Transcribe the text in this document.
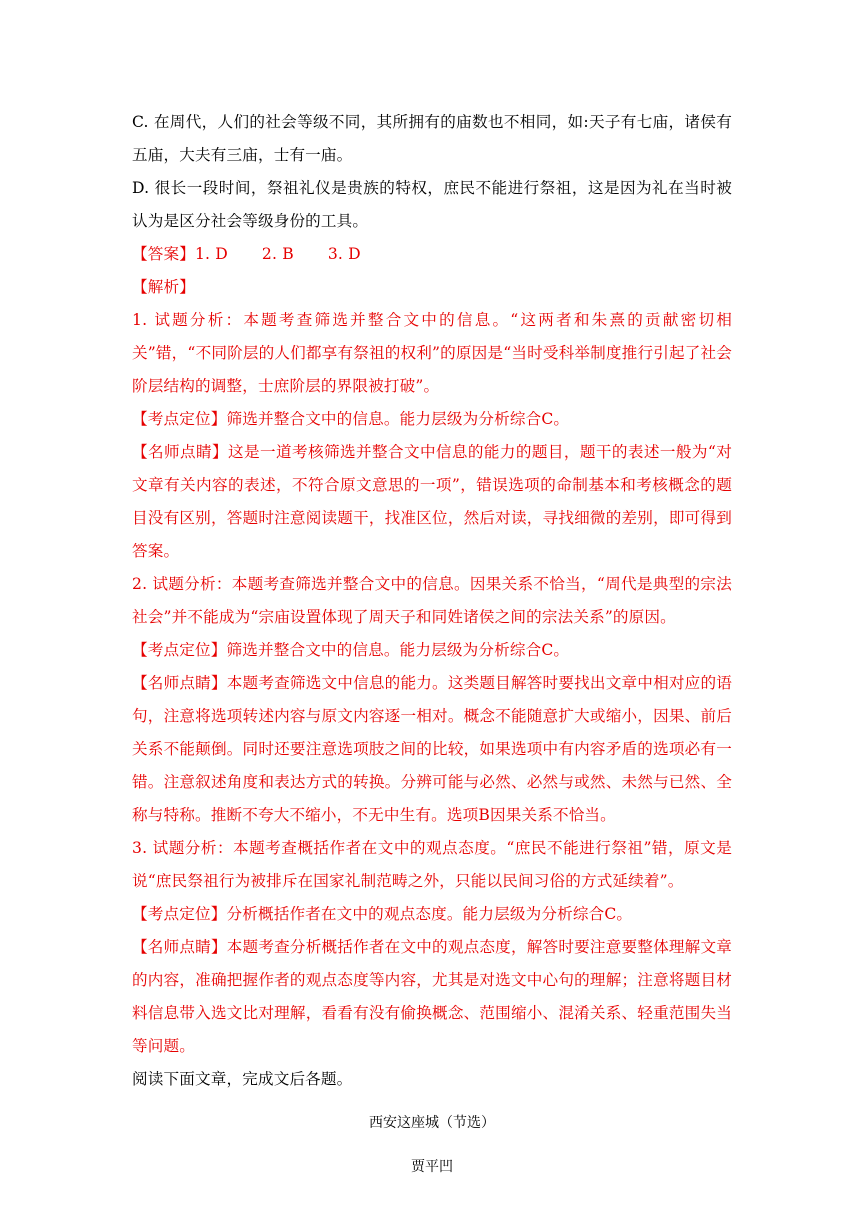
C. 在周代，人们的社会等级不同，其所拥有的庙数也不相同，如:天子有七庙，诸侯有五庙，大夫有三庙，士有一庙。

D. 很长一段时间，祭祖礼仪是贵族的特权，庶民不能进行祭祖，这是因为礼在当时被认为是区分社会等级身份的工具。

【答案】1. D 2. B 3. D

【解析】

1. 试题分析：本题考查筛选并整合文中的信息。“这两者和朱熹的贡献密切相关”错，“不同阶层的人们都享有祭祖的权利”的原因是“当时受科举制度推行引起了社会阶层结构的调整，士庶阶层的界限被打破”。

【考点定位】筛选并整合文中的信息。能力层级为分析综合C。

【名师点睛】这是一道考核筛选并整合文中信息的能力的题目，题干的表述一般为“对文章有关内容的表述，不符合原文意思的一项”，错误选项的命制基本和考核概念的题目没有区别，答题时注意阅读题干，找准区位，然后对读，寻找细微的差别，即可得到答案。

2. 试题分析：本题考查筛选并整合文中的信息。因果关系不恰当，“周代是典型的宗法社会”并不能成为“宗庙设置体现了周天子和同姓诸侯之间的宗法关系”的原因。

【考点定位】筛选并整合文中的信息。能力层级为分析综合C。

【名师点睛】本题考查筛选文中信息的能力。这类题目解答时要找出文章中相对应的语句，注意将选项转述内容与原文内容逐一相对。概念不能随意扩大或缩小，因果、前后关系不能颠倒。同时还要注意选项肢之间的比较，如果选项中有内容矛盾的选项必有一错。注意叙述角度和表达方式的转换。分辨可能与必然、必然与或然、未然与已然、全称与特称。推断不夸大不缩小，不无中生有。选项B因果关系不恰当。

3. 试题分析：本题考查概括作者在文中的观点态度。“庶民不能进行祭祖”错，原文是说“庶民祭祖行为被排斥在国家礼制范畴之外，只能以民间习俗的方式延续着”。

【考点定位】分析概括作者在文中的观点态度。能力层级为分析综合C。

【名师点睛】本题考查分析概括作者在文中的观点态度，解答时要注意要整体理解文章的内容，准确把握作者的观点态度等内容，尤其是对选文中心句的理解；注意将题目材料信息带入选文比对理解，看看有没有偷换概念、范围缩小、混淆关系、轻重范围失当等问题。

阅读下面文章，完成文后各题。

西安这座城（节选）

贾平凹
